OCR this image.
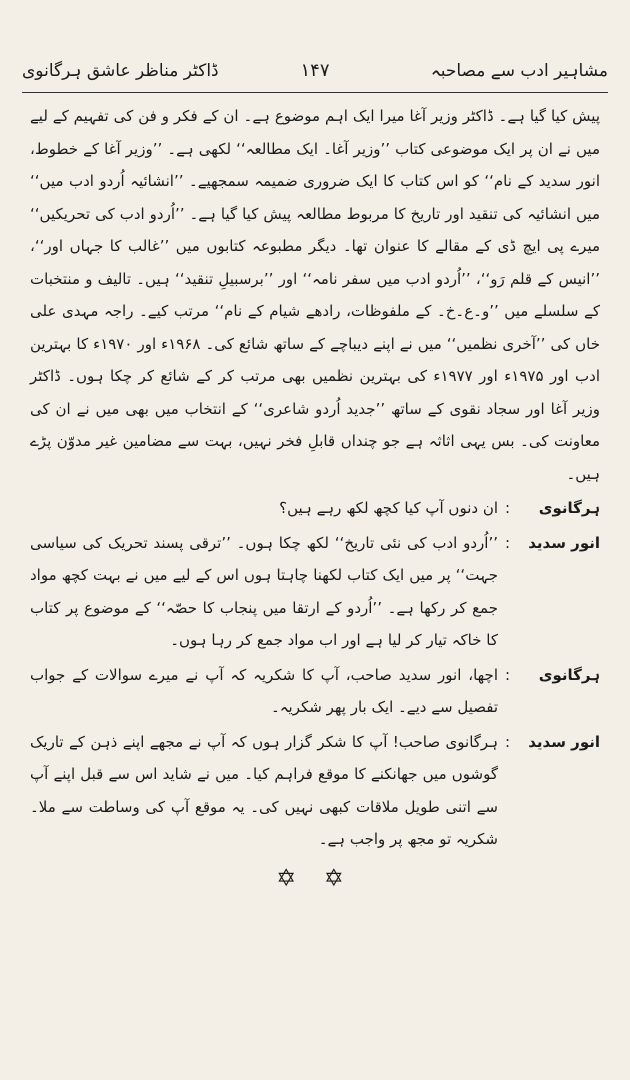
مشاہیر ادب سے مصاحبہ
۱۴۷
ڈاکٹر مناظر عاشق ہرگانوی

پیش کیا گیا ہے۔ ڈاکٹر وزیر آغا میرا ایک اہم موضوع ہے۔ ان کے فکر و فن کی تفہیم کے لیے میں نے ان پر ایک موضوعی کتاب ’’وزیر آغا۔ ایک مطالعہ‘‘ لکھی ہے۔ ’’وزیر آغا کے خطوط، انور سدید کے نام‘‘ کو اس کتاب کا ایک ضروری ضمیمہ سمجھیے۔ ’’انشائیہ اُردو ادب میں‘‘ میں انشائیہ کی تنقید اور تاریخ کا مربوط مطالعہ پیش کیا گیا ہے۔ ’’اُردو ادب کی تحریکیں‘‘ میرے پی ایچ ڈی کے مقالے کا عنوان تھا۔ دیگر مطبوعہ کتابوں میں ’’غالب کا جہاں اور‘‘، ’’انیس کے قلم رَو‘‘، ’’اُردو ادب میں سفر نامہ‘‘ اور ’’برسبیلِ تنقید‘‘ ہیں۔ تالیف و منتخبات کے سلسلے میں ’’و۔ع۔خ۔ کے ملفوظات، رادھے شیام کے نام‘‘ مرتب کیے۔ راجہ مہدی علی خاں کی ’’آخری نظمیں‘‘ میں نے اپنے دیباچے کے ساتھ شائع کی۔ ۱۹۶۸ء اور ۱۹۷۰ء کا بہترین ادب اور ۱۹۷۵ء اور ۱۹۷۷ء کی بہترین نظمیں بھی مرتب کر کے شائع کر چکا ہوں۔ ڈاکٹر وزیر آغا اور سجاد نقوی کے ساتھ ’’جدید اُردو شاعری‘‘ کے انتخاب میں بھی میں نے ان کی معاونت کی۔ بس یہی اثاثہ ہے جو چنداں قابلِ فخر نہیں، بہت سے مضامین غیر مدوّن پڑے ہیں۔

ہرگانوی
:
ان دنوں آپ کیا کچھ لکھ رہے ہیں؟
انور سدید
:
’’اُردو ادب کی نئی تاریخ‘‘ لکھ چکا ہوں۔ ’’ترقی پسند تحریک کی سیاسی جہت‘‘ پر میں ایک کتاب لکھنا چاہتا ہوں اس کے لیے میں نے بہت کچھ مواد جمع کر رکھا ہے۔ ’’اُردو کے ارتقا میں پنجاب کا حصّہ‘‘ کے موضوع پر کتاب کا خاکہ تیار کر لیا ہے اور اب مواد جمع کر رہا ہوں۔
ہرگانوی
:
اچھا، انور سدید صاحب، آپ کا شکریہ کہ آپ نے میرے سوالات کے جواب تفصیل سے دیے۔ ایک بار پھر شکریہ۔
انور سدید
:
ہرگانوی صاحب! آپ کا شکر گزار ہوں کہ آپ نے مجھے اپنے ذہن کے تاریک گوشوں میں جھانکنے کا موقع فراہم کیا۔ میں نے شاید اس سے قبل اپنے آپ سے اتنی طویل ملاقات کبھی نہیں کی۔ یہ موقع آپ کی وساطت سے ملا۔ شکریہ تو مجھ پر واجب ہے۔
✡ ✡
